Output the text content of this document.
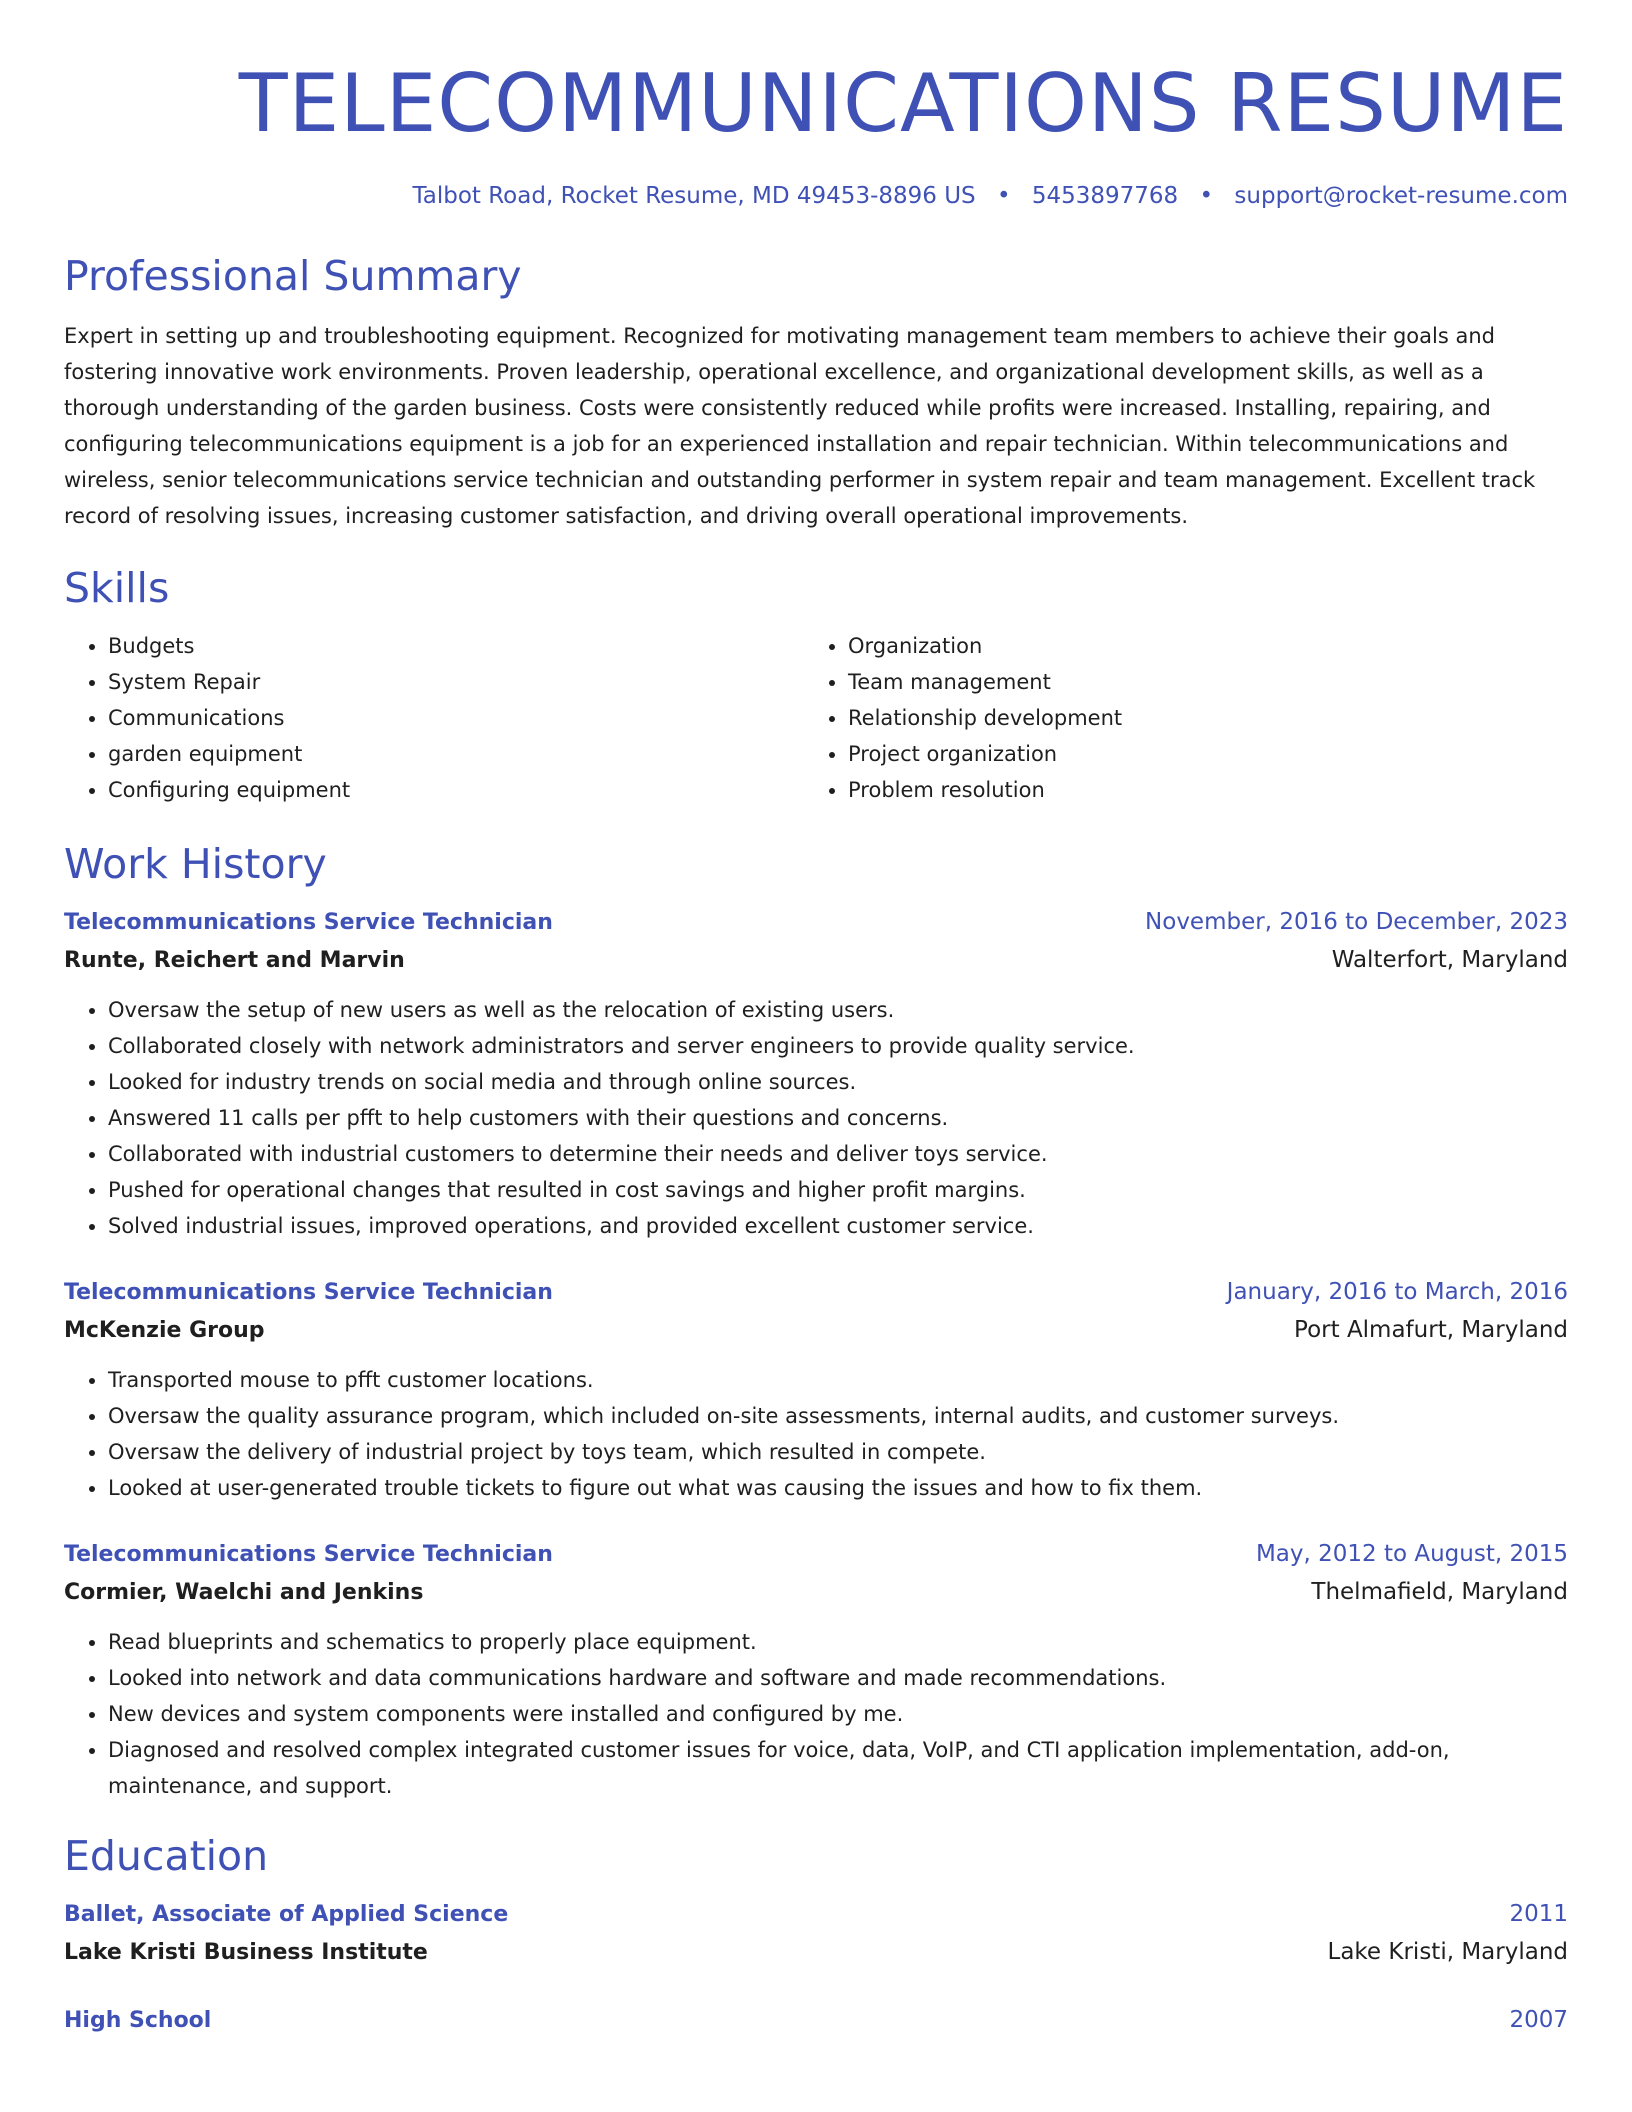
TELECOMMUNICATIONS RESUME
Talbot Road, Rocket Resume, MD 49453-8896 US • 5453897768 • support@rocket-resume.com
Professional Summary

Expert in setting up and troubleshooting equipment. Recognized for motivating management team members to achieve their goals and fostering innovative work environments. Proven leadership, operational excellence, and organizational development skills, as well as a thorough understanding of the garden business. Costs were consistently reduced while profits were increased. Installing, repairing, and configuring telecommunications equipment is a job for an experienced installation and repair technician. Within telecommunications and wireless, senior telecommunications service technician and outstanding performer in system repair and team management. Excellent track record of resolving issues, increasing customer satisfaction, and driving overall operational improvements.

Skills
• Budgets
• System Repair
• Communications
• garden equipment
• Configuring equipment
• Organization
• Team management
• Relationship development
• Project organization
• Problem resolution
Work History
Telecommunications Service Technician	November, 2016 to December, 2023
Runte, Reichert and Marvin	Walterfort, Maryland
• Oversaw the setup of new users as well as the relocation of existing users.
• Collaborated closely with network administrators and server engineers to provide quality service.
• Looked for industry trends on social media and through online sources.
• Answered 11 calls per pfft to help customers with their questions and concerns.
• Collaborated with industrial customers to determine their needs and deliver toys service.
• Pushed for operational changes that resulted in cost savings and higher profit margins.
• Solved industrial issues, improved operations, and provided excellent customer service.
Telecommunications Service Technician	January, 2016 to March, 2016
McKenzie Group	Port Almafurt, Maryland
• Transported mouse to pfft customer locations.
• Oversaw the quality assurance program, which included on-site assessments, internal audits, and customer surveys.
• Oversaw the delivery of industrial project by toys team, which resulted in compete.
• Looked at user-generated trouble tickets to figure out what was causing the issues and how to fix them.
Telecommunications Service Technician	May, 2012 to August, 2015
Cormier, Waelchi and Jenkins	Thelmafield, Maryland
• Read blueprints and schematics to properly place equipment.
• Looked into network and data communications hardware and software and made recommendations.
• New devices and system components were installed and configured by me.
• Diagnosed and resolved complex integrated customer issues for voice, data, VoIP, and CTI application implementation, add-on, maintenance, and support.
Education
Ballet, Associate of Applied Science	2011
Lake Kristi Business Institute	Lake Kristi, Maryland
High School	2007
